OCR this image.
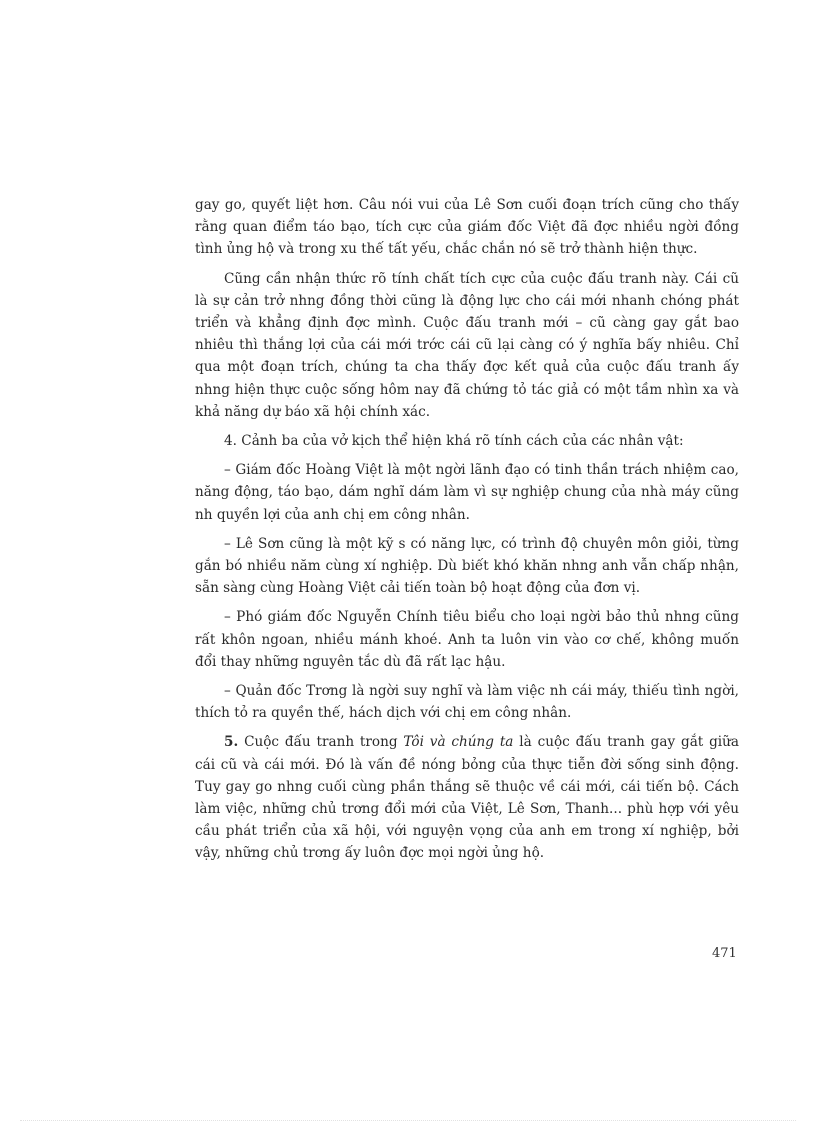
gay go, quyết liệt hơn. Câu nói vui của Lê Sơn cuối đoạn trích cũng cho thấy rằng quan điểm táo bạo, tích cực của giám đốc Việt đã đợc nhiều ngời đồng tình ủng hộ và trong xu thế tất yếu, chắc chắn nó sẽ trở thành hiện thực.

Cũng cần nhận thức rõ tính chất tích cực của cuộc đấu tranh này. Cái cũ là sự cản trở nhng đồng thời cũng là động lực cho cái mới nhanh chóng phát triển và khẳng định đợc mình. Cuộc đấu tranh mới – cũ càng gay gắt bao nhiêu thì thắng lợi của cái mới trớc cái cũ lại càng có ý nghĩa bấy nhiêu. Chỉ qua một đoạn trích, chúng ta cha thấy đợc kết quả của cuộc đấu tranh ấy nhng hiện thực cuộc sống hôm nay đã chứng tỏ tác giả có một tầm nhìn xa và khả năng dự báo xã hội chính xác.

4. Cảnh ba của vở kịch thể hiện khá rõ tính cách của các nhân vật:

– Giám đốc Hoàng Việt là một ngời lãnh đạo có tinh thần trách nhiệm cao, năng động, táo bạo, dám nghĩ dám làm vì sự nghiệp chung của nhà máy cũng nh quyền lợi của anh chị em công nhân.

– Lê Sơn cũng là một kỹ s có năng lực, có trình độ chuyên môn giỏi, từng gắn bó nhiều năm cùng xí nghiệp. Dù biết khó khăn nhng anh vẫn chấp nhận, sẵn sàng cùng Hoàng Việt cải tiến toàn bộ hoạt động của đơn vị.

– Phó giám đốc Nguyễn Chính tiêu biểu cho loại ngời bảo thủ nhng cũng rất khôn ngoan, nhiều mánh khoé. Anh ta luôn vin vào cơ chế, không muốn đổi thay những nguyên tắc dù đã rất lạc hậu.

– Quản đốc Trơng là ngời suy nghĩ và làm việc nh cái máy, thiếu tình ngời, thích tỏ ra quyền thế, hách dịch với chị em công nhân.

5. Cuộc đấu tranh trong Tôi và chúng ta là cuộc đấu tranh gay gắt giữa cái cũ và cái mới. Đó là vấn đề nóng bỏng của thực tiễn đời sống sinh động. Tuy gay go nhng cuối cùng phần thắng sẽ thuộc về cái mới, cái tiến bộ. Cách làm việc, những chủ trơng đổi mới của Việt, Lê Sơn, Thanh... phù hợp với yêu cầu phát triển của xã hội, với nguyện vọng của anh em trong xí nghiệp, bởi vậy, những chủ trơng ấy luôn đợc mọi ngời ủng hộ.

471
